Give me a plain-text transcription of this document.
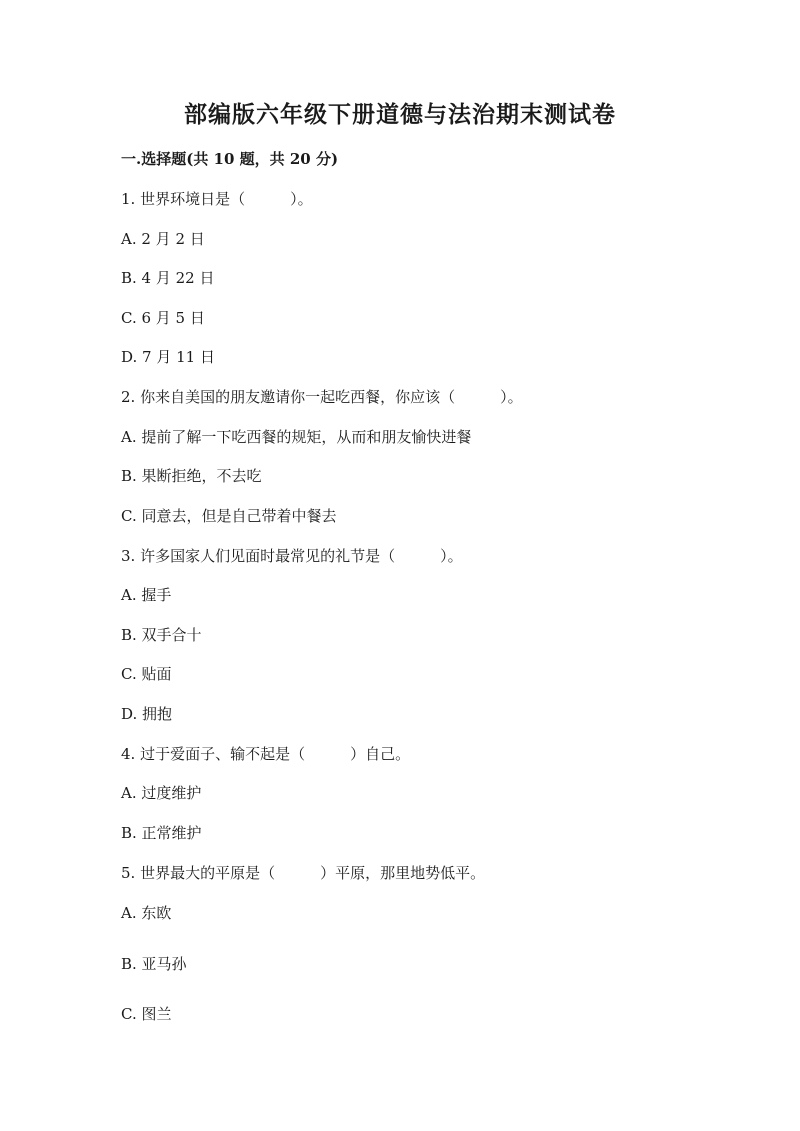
部编版六年级下册道德与法治期末测试卷

一.选择题(共 10 题，共 20 分)

1. 世界环境日是（　　　）。

A. 2 月 2 日

B. 4 月 22 日

C. 6 月 5 日

D. 7 月 11 日

2. 你来自美国的朋友邀请你一起吃西餐，你应该（　　　）。

A. 提前了解一下吃西餐的规矩，从而和朋友愉快进餐

B. 果断拒绝，不去吃

C. 同意去，但是自己带着中餐去

3. 许多国家人们见面时最常见的礼节是（　　　）。

A. 握手

B. 双手合十

C. 贴面

D. 拥抱

4. 过于爱面子、输不起是（　　　）自己。

A. 过度维护

B. 正常维护

5. 世界最大的平原是（　　　）平原，那里地势低平。

A. 东欧

B. 亚马孙

C. 图兰
